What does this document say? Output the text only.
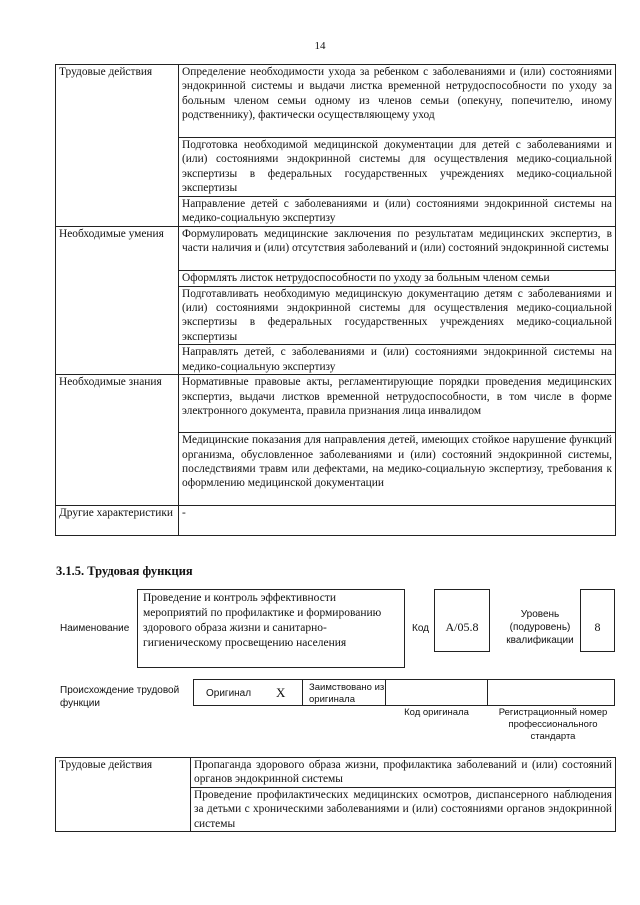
14
Трудовые действия	Определение необходимости ухода за ребенком с заболеваниями и (или) состояниями эндокринной системы и выдачи листка временной нетрудоспособности по уходу за больным членом семьи одному из членов семьи (опекуну, попечителю, иному родственнику), фактически осуществляющему уход
	Подготовка необходимой медицинской документации для детей с заболеваниями и (или) состояниями эндокринной системы для осуществления медико-социальной экспертизы в федеральных государственных учреждениях медико-социальной экспертизы
	Направление детей с заболеваниями и (или) состояниями эндокринной системы на медико-социальную экспертизу
Необходимые умения	Формулировать медицинские заключения по результатам медицинских экспертиз, в части наличия и (или) отсутствия заболеваний и (или) состояний эндокринной системы
	Оформлять листок нетрудоспособности по уходу за больным членом семьи
	Подготавливать необходимую медицинскую документацию детям с заболеваниями и (или) состояниями эндокринной системы для осуществления медико-социальной экспертизы в федеральных государственных учреждениях медико-социальной экспертизы
	Направлять детей, с заболеваниями и (или) состояниями эндокринной системы на медико-социальную экспертизу
Необходимые знания	Нормативные правовые акты, регламентирующие порядки проведения медицинских экспертиз, выдачи листков временной нетрудоспособности, в том числе в форме электронного документа, правила признания лица инвалидом
	Медицинские показания для направления детей, имеющих стойкое нарушение функций организма, обусловленное заболеваниями и (или) состояний эндокринной системы, последствиями травм или дефектами, на медико-социальную экспертизу, требования к оформлению медицинской документации
Другие характеристики	-
3.1.5. Трудовая функция
Наименование
Проведение и контроль эффективности мероприятий по профилактике и формированию здорового образа жизни и санитарно-гигиеническому просвещению населения
Код	A/05.8
Уровень (подуровень) квалификации
8
Происхождение трудовой функции
Оригинал X Заимствовано из оригинала
Код оригинала	Регистрационный номер профессионального стандарта
Трудовые действия	Пропаганда здорового образа жизни, профилактика заболеваний и (или) состояний органов эндокринной системы
Проведение профилактических медицинских осмотров, диспансерного наблюдения за детьми с хроническими заболеваниями и (или) состояниями органов эндокринной системы
